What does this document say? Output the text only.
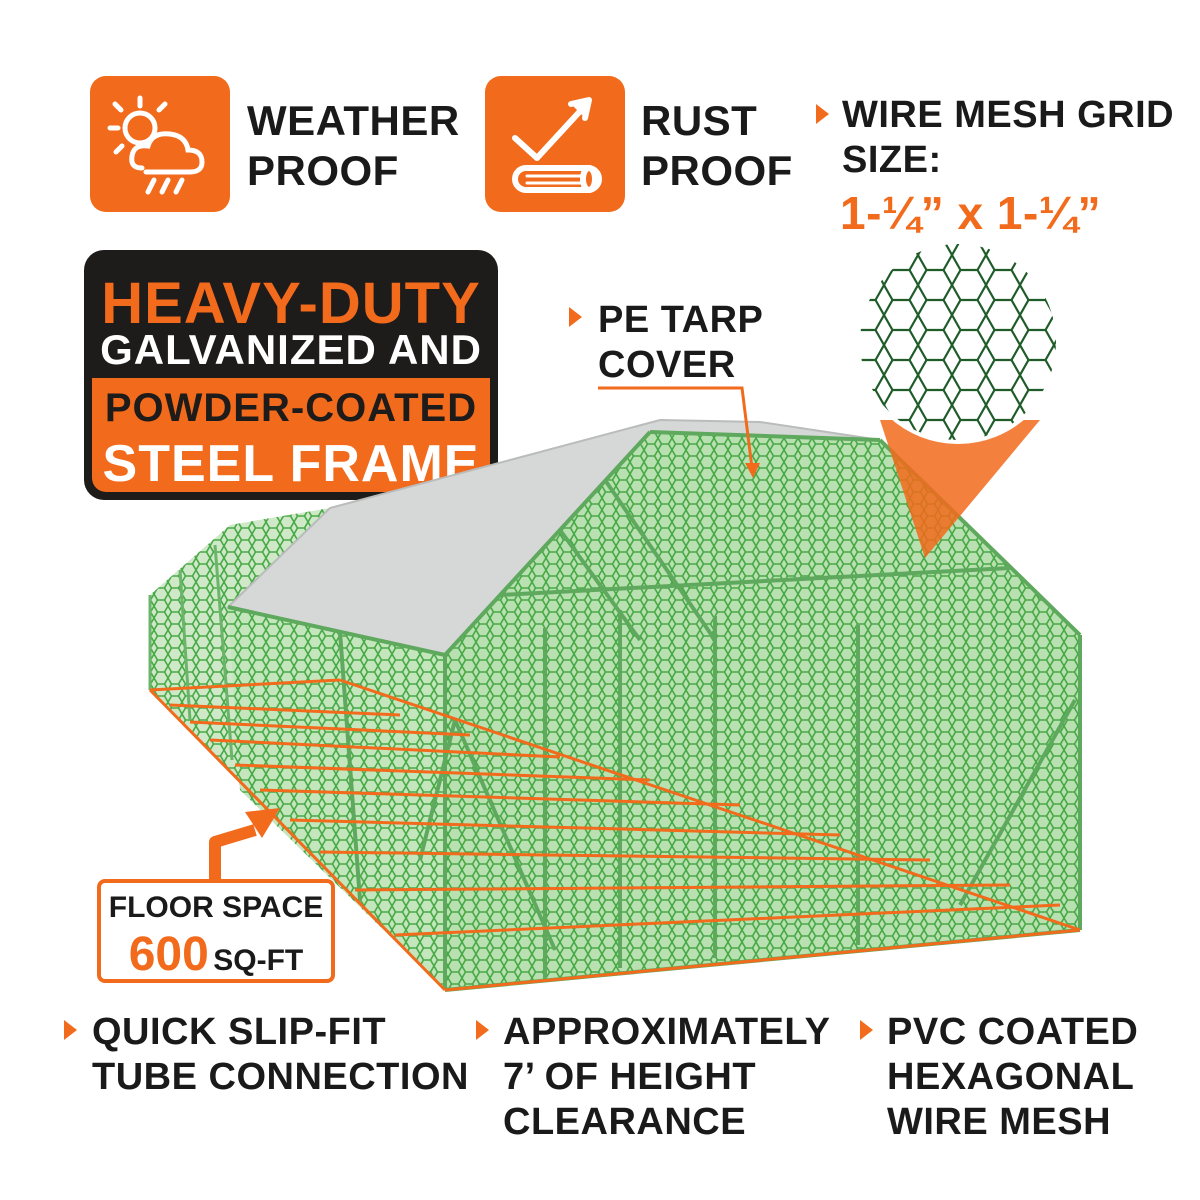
WEATHER
PROOF
RUST
PROOF
WIRE MESH GRID
SIZE:
1-¼” x 1-¼”
HEAVY-DUTY
GALVANIZED AND
POWDER-COATED
STEEL FRAME
PE TARP
COVER
FLOOR SPACE
600 SQ-FT
QUICK SLIP-FIT
TUBE CONNECTION
APPROXIMATELY
7’ OF HEIGHT
CLEARANCE
PVC COATED
HEXAGONAL
WIRE MESH
